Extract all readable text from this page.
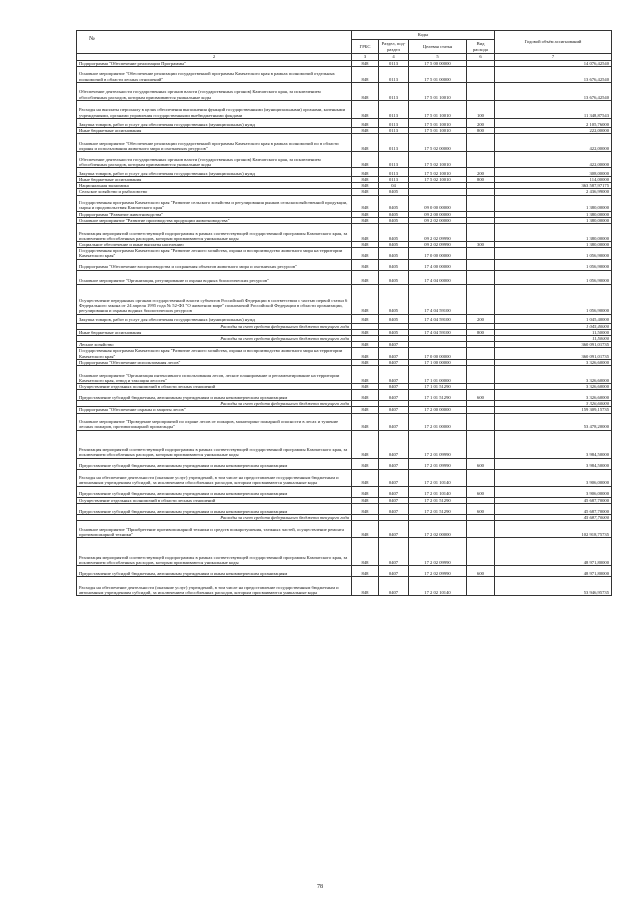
№
	Коды				Годовой объём ассигнований
	ГРБС	Раздел, под-раздел	Целевая статья	Вид расхода	
2	3	4	5	6	7
Подпрограмма "Обеспечение реализации Программы"	848	0113	17 5 00 00000		14 076,42540
Основное мероприятие "Обеспечение реализации государственной программы Камчатского края в рамках полномочий отдельных полномочий в области лесных отношений"	848	0113	17 5 01 00000		13 676,42540
Обеспечение деятельности государственных органов власти (государственных органов) Камчатского края, за исключением обособленных расходов, которым присваиваются уникальные коды	848	0113	17 5 01 10010		13 676,42540
Расходы на выплаты персоналу в целях обеспечения выполнения функций государственными (муниципальными) органами, казенными учреждениями, органами управления государственными внебюджетными фондами	848	0113	17 5 01 10010	100	11 348,87543
Закупка товаров, работ и услуг для обеспечения государственных (муниципальных) нужд	848	0113	17 5 01 10010	200	2 105,76000
Иные бюджетные ассигнования	848	0113	17 5 01 10010	800	222,00000
Основное мероприятие "Обеспечение реализации государственной программы Камчатского края в рамках полномочий по в области охраны и использования животного мира и охотничьих ресурсов"	848	0113	17 5 02 00000		422,00000
Обеспечение деятельности государственных органов власти (государственных органов) Камчатского края, за исключением обособленных расходов, которым присваиваются уникальные коды	848	0113	17 5 02 10010		422,00000
Закупка товаров, работ и услуг для обеспечения государственных (муниципальных) нужд	848	0113	17 5 02 10010	200	308,00000
Иные бюджетные ассигнования	848	0113	17 5 02 10010	800	114,00000
Национальная экономика	848	04			363 587,97175
Сельское хозяйство и рыболовство	848	0405			2 436,99000
Государственная программа Камчатского края "Развитие сельского хозяйства и регулирования рынков сельскохозяйственной продукции, сырья и продовольствия Камчатского края"	848	0405	09 0 00 00000		1 380,00000
Подпрограмма "Развитие животноводства"	848	0405	09 2 00 00000		1 380,00000
Основное мероприятие "Развитие производства продукции животноводства"	848	0405	09 2 02 00000		1 380,00000
Реализация мероприятий соответствующей подпрограммы в рамках соответствующей государственной программы Камчатского края, за исключением обособленных расходов, которым присваиваются уникальные коды	848	0405	09 2 02 09990		1 380,00000
Социальное обеспечение и иные выплаты населению	848	0405	09 2 02 09990	300	1 380,00000
Государственная программа Камчатского края "Развитие лесного хозяйства, охрана и воспроизводство животного мира на территории Камчатского края"	848	0405	17 0 00 00000		1 056,90000
Подпрограмма "Обеспечение воспроизводства и сохранения объектов животного мира и охотничьих ресурсов"	848	0405	17 4 00 00000		1 056,90000
Основное мероприятие "Организация, регулирование и охрана водных биологических ресурсов"	848	0405	17 4 04 00000		1 056,90000
Осуществление переданных органам государственной власти субъектов Российской Федерации в соответствии с частью первой статьи 6 Федерального закона от 24 апреля 1995 года № 52-ФЗ "О животном мире" полномочий Российской Федерации в области организации, регулирования и охраны водных биологических ресурсов	848	0405	17 4 04 59100		1 056,90000
Закупка товаров, работ и услуг для обеспечения государственных (муниципальных) нужд	848	0405	17 4 04 59100	200	1 045,40000
Расходы за счет средств федерального бюджета текущего года					1 045,40000
Иные бюджетные ассигнования	848	0405	17 4 04 59100	800	11,50000
Расходы за счет средств федерального бюджета текущего года					11,50000
Лесное хозяйство	848	0407			360 091,01735
Государственная программа Камчатского края "Развитие лесного хозяйства, охрана и воспроизводство животного мира на территории Камчатского края"	848	0407	17 0 00 00000		360 091,01735
Подпрограмма "Обеспечение использования лесов"	848	0407	17 1 00 00000		3 326,60000
Основное мероприятие "Организация интенсивного использования лесов, лесное планирование и регламентирование на территории Камчатского края, отвод и таксация лесосек"	848	0407	17 1 01 00000		3 326,60000
Осуществление отдельных полномочий в области лесных отношений	848	0407	17 1 01 51290		3 326,60000
Предоставление субсидий бюджетным, автономным учреждениям и иным некоммерческим организациям	848	0407	17 1 01 51290	600	3 326,60000
Расходы за счет средств федерального бюджета текущего года					3 326,60000
Подпрограмма "Обеспечение охраны и защиты лесов"	848	0407	17 2 00 00000		159 309,15735
Основное мероприятие "Проведение мероприятий по охране лесов от пожаров, мониторинг пожарной опасности в лесах и тушение лесных пожаров, противопожарной пропаганды"	848	0407	17 2 01 00000		53 478,20000
Реализация мероприятий соответствующей подпрограммы в рамках соответствующей государственной программы Камчатского края, за исключением обособленных расходов, которым присваиваются уникальные коды	848	0407	17 2 01 09990		3 984,50000
Предоставление субсидий бюджетным, автономным учреждениям и иным некоммерческим организациям	848	0407	17 2 01 09990	600	3 984,50000
Расходы на обеспечение деятельности (оказание услуг) учреждений, в том числе на предоставление государственным бюджетным и автономным учреждениям субсидий, за исключением обособленных расходов, которым присваиваются уникальные коды	848	0407	17 2 01 10140		3 906,00000
Предоставление субсидий бюджетным, автономным учреждениям и иным некоммерческим организациям	848	0407	17 2 01 10140	600	3 906,00000
Осуществление отдельных полномочий в области лесных отношений	848	0407	17 2 01 51290		45 687,70000
Предоставление субсидий бюджетным, автономным учреждениям и иным некоммерческим организациям	848	0407	17 2 01 51290	600	45 687,70000
Расходы за счет средств федерального бюджета текущего года					45 687,70000
Основное мероприятие "Приобретение противопожарной техники и средств пожаротушения, таежных частей, осуществление ремонта противопожарной техники"	848	0407	17 2 02 00000		102 918,75735
Реализация мероприятий соответствующей подпрограммы в рамках соответствующей государственной программы Камчатского края, за исключением обособленных расходов, которым присваиваются уникальные коды	848	0407	17 2 02 09990		48 971,80000
Предоставление субсидий бюджетным, автономным учреждениям и иным некоммерческим организациям	848	0407	17 2 02 09990	600	48 971,80000
Расходы на обеспечение деятельности (оказание услуг) учреждений, в том числе на предоставление государственным бюджетным и автономным учреждениям субсидий, за исключением обособленных расходов, которым присваиваются уникальные коды	848	0407	17 2 02 10140		53 946,95735
78
